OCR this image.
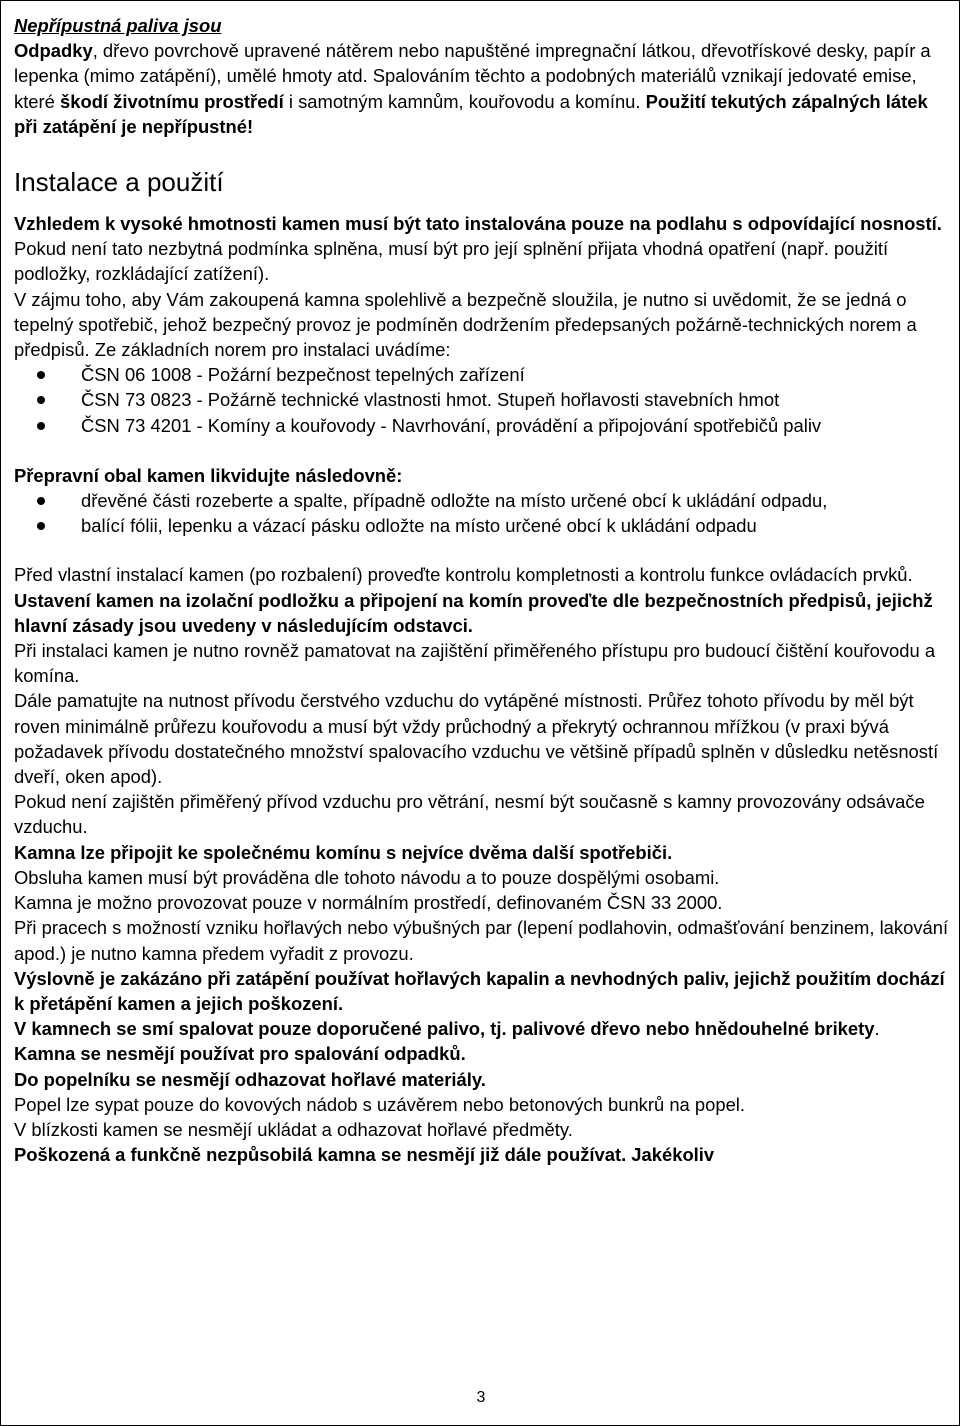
Nepřípustná paliva jsou

Odpadky, dřevo povrchově upravené nátěrem nebo napuštěné impregnační látkou, dřevotřískové desky, papír a lepenka (mimo zatápění), umělé hmoty atd. Spalováním těchto a podobných materiálů vznikají jedovaté emise, které škodí životnímu prostředí i samotným kamnům, kouřovodu a komínu. Použití tekutých zápalných látek při zatápění je nepřípustné!

Instalace a použití

Vzhledem k vysoké hmotnosti kamen musí být tato instalována pouze na podlahu s odpovídající nosností. Pokud není tato nezbytná podmínka splněna, musí být pro její splnění přijata vhodná opatření (např. použití podložky, rozkládající zatížení).

V zájmu toho, aby Vám zakoupená kamna spolehlivě a bezpečně sloužila, je nutno si uvědomit, že se jedná o tepelný spotřebič, jehož bezpečný provoz je podmíněn dodržením předepsaných požárně-technických norem a předpisů. Ze základních norem pro instalaci uvádíme:

ČSN 06 1008 - Požární bezpečnost tepelných zařízení
ČSN 73 0823 - Požárně technické vlastnosti hmot. Stupeň hořlavosti stavebních hmot
ČSN 73 4201 - Komíny a kouřovody - Navrhování, provádění a připojování spotřebičů paliv

Přepravní obal kamen likvidujte následovně:

dřevěné části rozeberte a spalte, případně odložte na místo určené obcí k ukládání odpadu,
balící fólii, lepenku a vázací pásku odložte na místo určené obcí k ukládání odpadu

Před vlastní instalací kamen (po rozbalení) proveďte kontrolu kompletnosti a kontrolu funkce ovládacích prvků.

Ustavení kamen na izolační podložku a připojení na komín proveďte dle bezpečnostních předpisů, jejichž hlavní zásady jsou uvedeny v následujícím odstavci.

Při instalaci kamen je nutno rovněž pamatovat na zajištění přiměřeného přístupu pro budoucí čištění kouřovodu a komína.

Dále pamatujte na nutnost přívodu čerstvého vzduchu do vytápěné místnosti. Průřez tohoto přívodu by měl být roven minimálně průřezu kouřovodu a musí být vždy průchodný a překrytý ochrannou mřížkou (v praxi bývá požadavek přívodu dostatečného množství spalovacího vzduchu ve většině případů splněn v důsledku netěsností dveří, oken apod).

Pokud není zajištěn přiměřený přívod vzduchu pro větrání, nesmí být současně s kamny provozovány odsávače vzduchu.

Kamna lze připojit ke společnému komínu s nejvíce dvěma další spotřebiči.

Obsluha kamen musí být prováděna dle tohoto návodu a to pouze dospělými osobami.

Kamna je možno provozovat pouze v normálním prostředí, definovaném ČSN 33 2000.

Při pracech s možností vzniku hořlavých nebo výbušných par (lepení podlahovin, odmašťování benzinem, lakování apod.) je nutno kamna předem vyřadit z provozu.

Výslovně je zakázáno při zatápění používat hořlavých kapalin a nevhodných paliv, jejichž použitím dochází k přetápění kamen a jejich poškození.

V kamnech se smí spalovat pouze doporučené palivo, tj. palivové dřevo nebo hnědouhelné brikety.

Kamna se nesmějí používat pro spalování odpadků.

Do popelníku se nesmějí odhazovat hořlavé materiály.

Popel lze sypat pouze do kovových nádob s uzávěrem nebo betonových bunkrů na popel.

V blízkosti kamen se nesmějí ukládat a odhazovat hořlavé předměty.

Poškozená a funkčně nezpůsobilá kamna se nesmějí již dále používat. Jakékoliv

3
